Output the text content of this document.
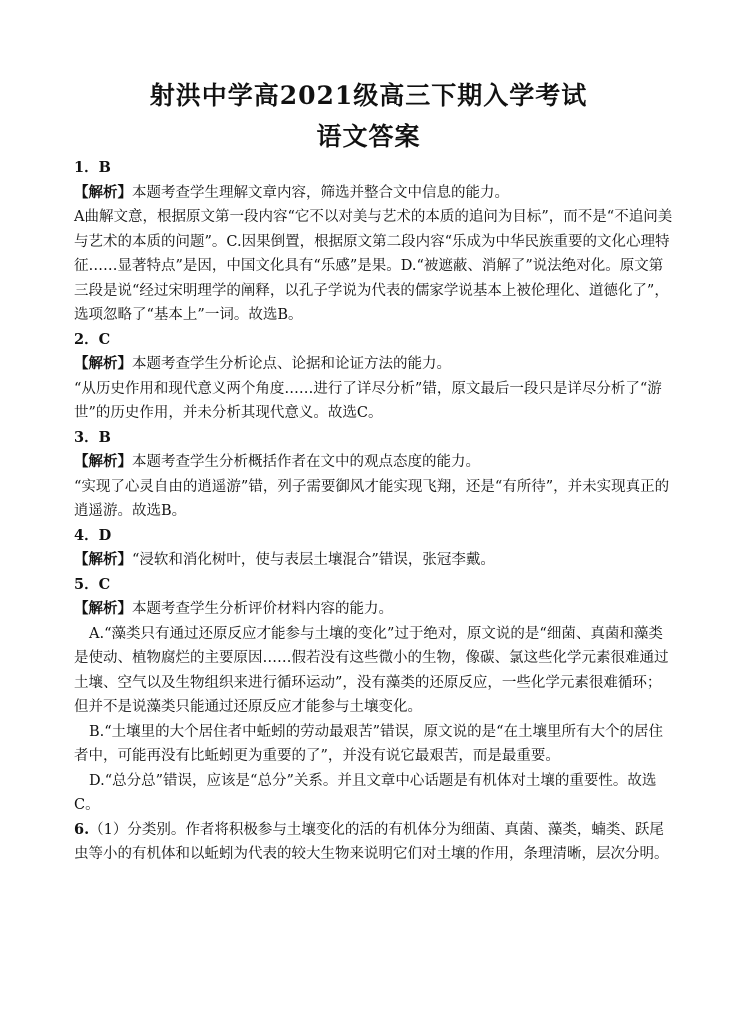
射洪中学高2021级高三下期入学考试
语文答案

1．B

【解析】本题考查学生理解文章内容，筛选并整合文中信息的能力。

A曲解文意，根据原文第一段内容“它不以对美与艺术的本质的追问为目标”，而不是“不追问美与艺术的本质的问题”。C.因果倒置，根据原文第二段内容“乐成为中华民族重要的文化心理特征……显著特点”是因，中国文化具有“乐感”是果。D.“被遮蔽、消解了”说法绝对化。原文第三段是说“经过宋明理学的阐释，以孔子学说为代表的儒家学说基本上被伦理化、道德化了”，选项忽略了“基本上”一词。故选B。

2．C

【解析】本题考查学生分析论点、论据和论证方法的能力。

“从历史作用和现代意义两个角度……进行了详尽分析”错，原文最后一段只是详尽分析了“游世”的历史作用，并未分析其现代意义。故选C。

3．B

【解析】本题考查学生分析概括作者在文中的观点态度的能力。

“实现了心灵自由的逍遥游”错，列子需要御风才能实现飞翔，还是“有所待”，并未实现真正的逍遥游。故选B。

4．D

【解析】“浸软和消化树叶，使与表层土壤混合”错误，张冠李戴。

5．C

【解析】本题考查学生分析评价材料内容的能力。

A.“藻类只有通过还原反应才能参与土壤的变化”过于绝对，原文说的是“细菌、真菌和藻类是使动、植物腐烂的主要原因……假若没有这些微小的生物，像碳、氯这些化学元素很难通过土壤、空气以及生物组织来进行循环运动”，没有藻类的还原反应，一些化学元素很难循环；但并不是说藻类只能通过还原反应才能参与土壤变化。

B.“土壤里的大个居住者中蚯蚓的劳动最艰苦”错误，原文说的是“在土壤里所有大个的居住者中，可能再没有比蚯蚓更为重要的了”，并没有说它最艰苦，而是最重要。

D.“总分总”错误，应该是“总分”关系。并且文章中心话题是有机体对土壤的重要性。故选C。

6.（1）分类别。作者将积极参与土壤变化的活的有机体分为细菌、真菌、藻类，蝻类、跃尾虫等小的有机体和以蚯蚓为代表的较大生物来说明它们对土壤的作用，条理清晰，层次分明。
